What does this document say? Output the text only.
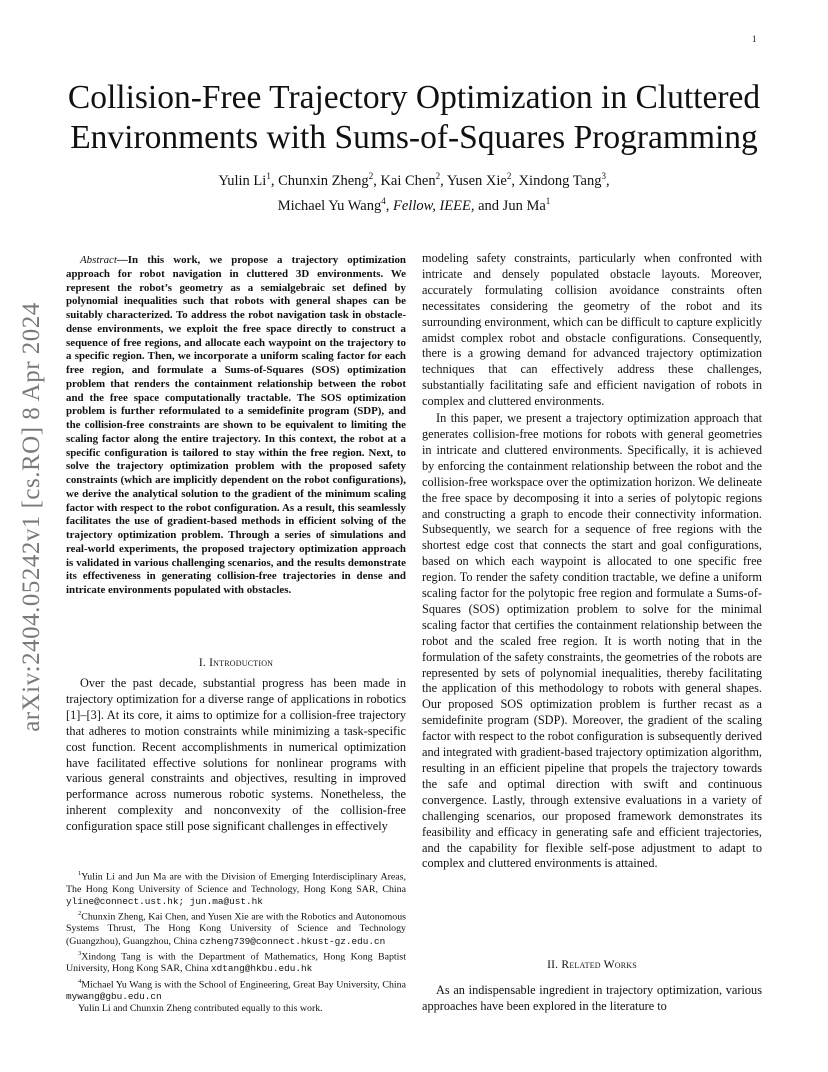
1
arXiv:2404.05242v1 [cs.RO] 8 Apr 2024
Collision-Free Trajectory Optimization in Cluttered Environments with Sums-of-Squares Programming
Yulin Li$^1$, Chunxin Zheng$^2$, Kai Chen$^2$, Yusen Xie$^2$, Xindong Tang$^3$,
Michael Yu Wang$^4$, Fellow, IEEE, and Jun Ma$^1$

Abstract—In this work, we propose a trajectory optimization approach for robot navigation in cluttered 3D environments. We represent the robot’s geometry as a semialgebraic set defined by polynomial inequalities such that robots with general shapes can be suitably characterized. To address the robot navigation task in obstacle-dense environments, we exploit the free space directly to construct a sequence of free regions, and allocate each waypoint on the trajectory to a specific region. Then, we incorporate a uniform scaling factor for each free region, and formulate a Sums-of-Squares (SOS) optimization problem that renders the containment relationship between the robot and the free space computationally tractable. The SOS optimization problem is further reformulated to a semidefinite program (SDP), and the collision-free constraints are shown to be equivalent to limiting the scaling factor along the entire trajectory. In this context, the robot at a specific configuration is tailored to stay within the free region. Next, to solve the trajectory optimization problem with the proposed safety constraints (which are implicitly dependent on the robot configurations), we derive the analytical solution to the gradient of the minimum scaling factor with respect to the robot configuration. As a result, this seamlessly facilitates the use of gradient-based methods in efficient solving of the trajectory optimization problem. Through a series of simulations and real-world experiments, the proposed trajectory optimization approach is validated in various challenging scenarios, and the results demonstrate its effectiveness in generating collision-free trajectories in dense and intricate environments populated with obstacles.

I. Introduction

Over the past decade, substantial progress has been made in trajectory optimization for a diverse range of applications in robotics [1]–[3]. At its core, it aims to optimize for a collision-free trajectory that adheres to motion constraints while minimizing a task-specific cost function. Recent accomplishments in numerical optimization have facilitated effective solutions for nonlinear programs with various general constraints and objectives, resulting in improved performance across numerous robotic systems. Nonetheless, the inherent complexity and nonconvexity of the collision-free configuration space still pose significant challenges in effectively

$^1$Yulin Li and Jun Ma are with the Division of Emerging Interdisciplinary Areas, The Hong Kong University of Science and Technology, Hong Kong SAR, China yline@connect.ust.hk; jun.ma@ust.hk

$^2$Chunxin Zheng, Kai Chen, and Yusen Xie are with the Robotics and Autonomous Systems Thrust, The Hong Kong University of Science and Technology (Guangzhou), Guangzhou, China czheng739@connect.hkust-gz.edu.cn

$^3$Xindong Tang is with the Department of Mathematics, Hong Kong Baptist University, Hong Kong SAR, China xdtang@hkbu.edu.hk

$^4$Michael Yu Wang is with the School of Engineering, Great Bay University, China mywang@gbu.edu.cn

Yulin Li and Chunxin Zheng contributed equally to this work.

modeling safety constraints, particularly when confronted with intricate and densely populated obstacle layouts. Moreover, accurately formulating collision avoidance constraints often necessitates considering the geometry of the robot and its surrounding environment, which can be difficult to capture explicitly amidst complex robot and obstacle configurations. Consequently, there is a growing demand for advanced trajectory optimization techniques that can effectively address these challenges, substantially facilitating safe and efficient navigation of robots in complex and cluttered environments.

In this paper, we present a trajectory optimization approach that generates collision-free motions for robots with general geometries in intricate and cluttered environments. Specifically, it is achieved by enforcing the containment relationship between the robot and the collision-free workspace over the optimization horizon. We delineate the free space by decomposing it into a series of polytopic regions and constructing a graph to encode their connectivity information. Subsequently, we search for a sequence of free regions with the shortest edge cost that connects the start and goal configurations, based on which each waypoint is allocated to one specific free region. To render the safety condition tractable, we define a uniform scaling factor for the polytopic free region and formulate a Sums-of-Squares (SOS) optimization problem to solve for the minimal scaling factor that certifies the containment relationship between the robot and the scaled free region. It is worth noting that in the formulation of the safety constraints, the geometries of the robots are represented by sets of polynomial inequalities, thereby facilitating the application of this methodology to robots with general shapes. Our proposed SOS optimization problem is further recast as a semidefinite program (SDP). Moreover, the gradient of the scaling factor with respect to the robot configuration is subsequently derived and integrated with gradient-based trajectory optimization algorithm, resulting in an efficient pipeline that propels the trajectory towards the safe and optimal direction with swift and continuous convergence. Lastly, through extensive evaluations in a variety of challenging scenarios, our proposed framework demonstrates its feasibility and efficacy in generating safe and efficient trajectories, and the capability for flexible self-pose adjustment to adapt to complex and cluttered environments is attained.

II. Related Works

As an indispensable ingredient in trajectory optimization, various approaches have been explored in the literature to
